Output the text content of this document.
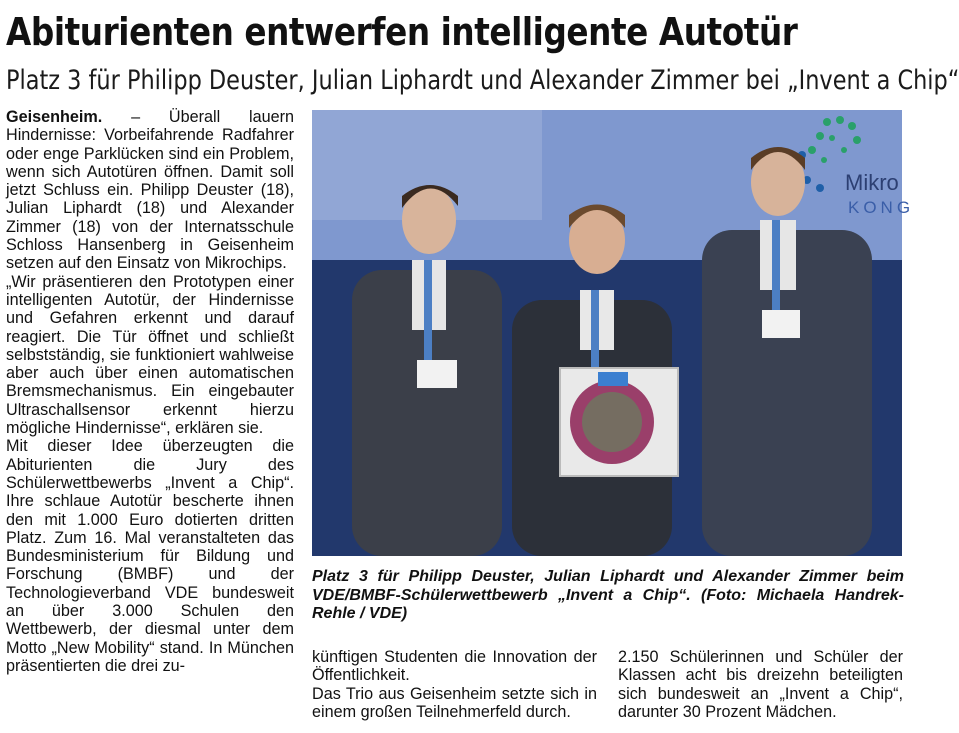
Abiturienten entwerfen intelligente Autotür
Platz 3 für Philipp Deuster, Julian Liphardt und Alexander Zimmer bei „Invent a Chip“

Geisenheim. – Überall lauern Hindernisse: Vorbeifahrende Radfahrer oder enge Parklücken sind ein Problem, wenn sich Autotüren öffnen. Damit soll jetzt Schluss ein. Philipp Deuster (18), Julian Liphardt (18) und Alexander Zimmer (18) von der Internatsschule Schloss Hansenberg in Geisenheim setzen auf den Einsatz von Mikrochips.

„Wir präsentieren den Prototypen einer intelligenten Autotür, der Hindernisse und Gefahren erkennt und darauf reagiert. Die Tür öffnet und schließt selbstständig, sie funktioniert wahlweise aber auch über einen automatischen Bremsmechanismus. Ein eingebauter Ultraschallsensor erkennt hierzu mögliche Hindernisse“, erklären sie.

Mit dieser Idee überzeugten die Abiturienten die Jury des Schülerwettbewerbs „Invent a Chip“. Ihre schlaue Autotür bescherte ihnen den mit 1.000 Euro dotierten dritten Platz. Zum 16. Mal veranstalteten das Bundesministerium für Bildung und Forschung (BMBF) und der Technologieverband VDE bundesweit an über 3.000 Schulen den Wettbewerb, der diesmal unter dem Motto „New Mobility“ stand. In München präsentierten die drei zu-

Mikro
KONG
Platz 3 für Philipp Deuster, Julian Liphardt und Alexander Zimmer beim VDE/BMBF-Schülerwettbewerb „Invent a Chip“. (Foto: Michaela Handrek-Rehle / VDE)

künftigen Studenten die Innovation der Öffentlichkeit.

Das Trio aus Geisenheim setzte sich in einem großen Teilnehmerfeld durch.

2.150 Schülerinnen und Schüler der Klassen acht bis dreizehn beteiligten sich bundesweit an „Invent a Chip“, darunter 30 Prozent Mädchen.
